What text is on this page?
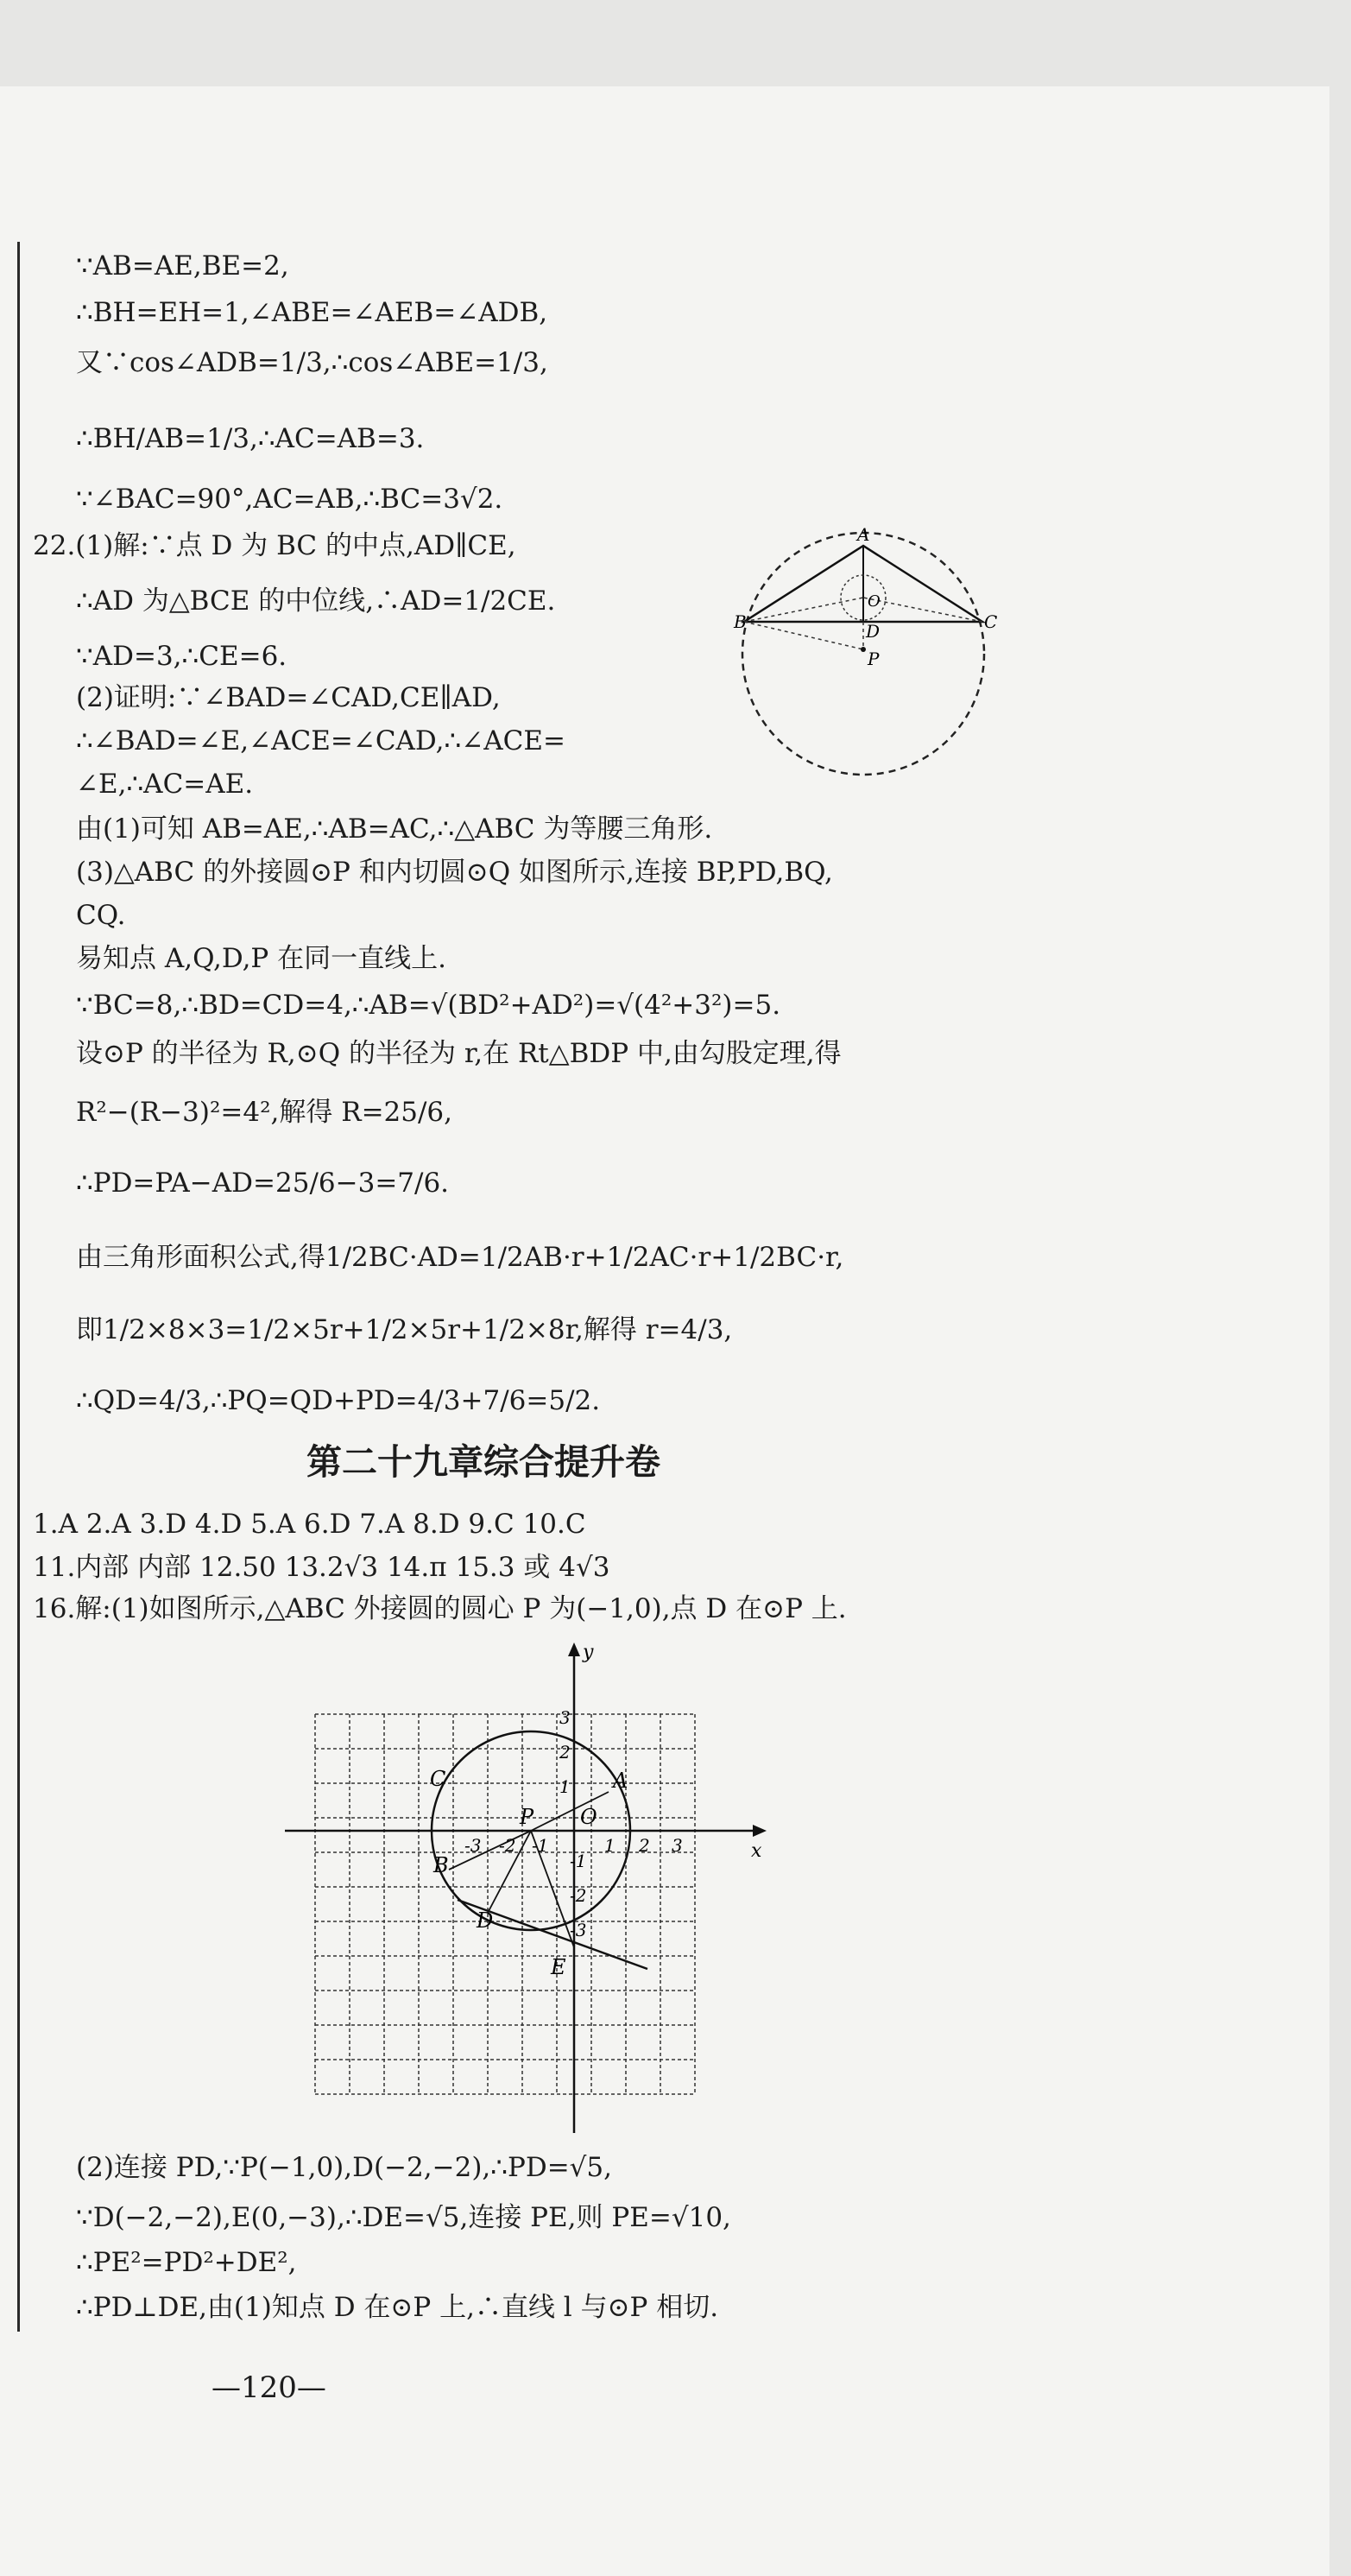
∵AB=AE,BE=2,
∴BH=EH=1,∠ABE=∠AEB=∠ADB,
又∵cos∠ADB=1/3,∴cos∠ABE=1/3,
∴BH/AB=1/3,∴AC=AB=3.
∵∠BAC=90°,AC=AB,∴BC=3√2.
22.(1)解:∵点 D 为 BC 的中点,AD∥CE,
∴AD 为△BCE 的中位线,∴AD=1/2CE.
∵AD=3,∴CE=6.
(2)证明:∵∠BAD=∠CAD,CE∥AD,
∴∠BAD=∠E,∠ACE=∠CAD,∴∠ACE=
∠E,∴AC=AE.
由(1)可知 AB=AE,∴AB=AC,∴△ABC 为等腰三角形.
(3)△ABC 的外接圆⊙P 和内切圆⊙Q 如图所示,连接 BP,PD,BQ,
CQ.
易知点 A,Q,D,P 在同一直线上.
∵BC=8,∴BD=CD=4,∴AB=√(BD²+AD²)=√(4²+3²)=5.
设⊙P 的半径为 R,⊙Q 的半径为 r,在 Rt△BDP 中,由勾股定理,得
R²−(R−3)²=4²,解得 R=25/6,
∴PD=PA−AD=25/6−3=7/6.
由三角形面积公式,得1/2BC·AD=1/2AB·r+1/2AC·r+1/2BC·r,
即1/2×8×3=1/2×5r+1/2×5r+1/2×8r,解得 r=4/3,
∴QD=4/3,∴PQ=QD+PD=4/3+7/6=5/2.
A
B	C
D
O
P
第二十九章综合提升卷
1.A 2.A 3.D 4.D 5.A 6.D 7.A 8.D 9.C 10.C
11.内部 内部 12.50 13.2√3 14.π 15.3 或 4√3
16.解:(1)如图所示,△ABC 外接圆的圆心 P 为(−1,0),点 D 在⊙P 上.
y
x
A
B
C
D
E
P O
3
2
1
-1
-2
-3
1 2 3
-3 -2 -1
(2)连接 PD,∵P(−1,0),D(−2,−2),∴PD=√5,
∵D(−2,−2),E(0,−3),∴DE=√5,连接 PE,则 PE=√10,
∴PE²=PD²+DE²,
∴PD⊥DE,由(1)知点 D 在⊙P 上,∴直线 l 与⊙P 相切.
—120—
